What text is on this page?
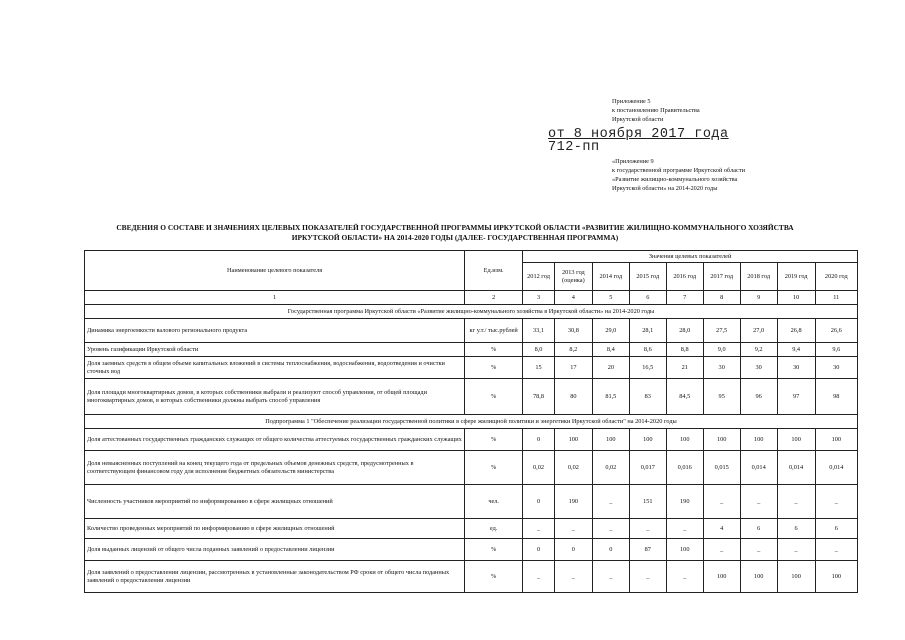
Приложение 5
к постановлению Правительства
Иркутской области
от 8 ноября 2017 года
712-пп
«Приложение 9
к государственной программе Иркутской области
«Развитие жилищно-коммунального хозяйства
Иркутской области» на 2014-2020 годы
СВЕДЕНИЯ О СОСТАВЕ И ЗНАЧЕНИЯХ ЦЕЛЕВЫХ ПОКАЗАТЕЛЕЙ ГОСУДАРСТВЕННОЙ ПРОГРАММЫ ИРКУТСКОЙ ОБЛАСТИ «РАЗВИТИЕ ЖИЛИЩНО-КОММУНАЛЬНОГО ХОЗЯЙСТВА
ИРКУТСКОЙ ОБЛАСТИ» НА 2014-2020 ГОДЫ (ДАЛЕЕ- ГОСУДАРСТВЕННАЯ ПРОГРАММА)
Наименование целевого показателя	Ед.изм.	Значения целевых показателей								
		2012 год	2013 год (оценка)	2014 год	2015 год	2016 год	2017 год	2018 год	2019 год	2020 год
1	2	3	4	5	6	7	8	9	10	11
Государственная программа Иркутской области «Развитие жилищно-коммунального хозяйства в Иркутской области» на 2014-2020 годы										
Динамика энергоемкости валового регионального продукта	кг у.т./ тыс.рублей	33,1	30,8	29,0	28,1	28,0	27,5	27,0	26,8	26,6
Уровень газификации Иркутской области	%	8,0	8,2	8,4	8,6	8,8	9,0	9,2	9,4	9,6
Доля заемных средств в общем объеме капитальных вложений в системы теплоснабжения, водоснабжения, водоотведения и очистки сточных вод	%	15	17	20	16,5	21	30	30	30	30
Доля площади многоквартирных домов, в которых собственники выбрали и реализуют способ управления, от общей площади многоквартирных домов, в которых собственники должны выбрать способ управления	%	78,8	80	81,5	83	84,5	95	96	97	98
Подпрограмма 1 "Обеспечение реализации государственной политики в сфере жилищной политики и энергетики Иркутской области" на 2014-2020 годы										
Доля аттестованных государственных гражданских служащих от общего количества аттестуемых государственных гражданских служащих	%	0	100	100	100	100	100	100	100	100
Доля невыясненных поступлений на конец текущего года от предельных объемов денежных средств, предусмотренных в соответствующем финансовом году для исполнения бюджетных обязательств министерства	%	0,02	0,02	0,02	0,017	0,016	0,015	0,014	0,014	0,014
Численность участников мероприятий по информированию в сфере жилищных отношений	чел.	0	190	_	151	190	_	_	_	_
Количество проведенных мероприятий по информированию в сфере жилищных отношений	ед.	_	_	_	_	_	4	6	6	6
Доля выданных лицензий от общего числа поданных заявлений о предоставлении лицензии	%	0	0	0	87	100	_	_	_	_
Доля заявлений о предоставлении лицензии, рассмотренных в установленные законодательством РФ сроки от общего числа поданных заявлений о предоставлении лицензии	%	_	_	_	_	_	100	100	100	100
